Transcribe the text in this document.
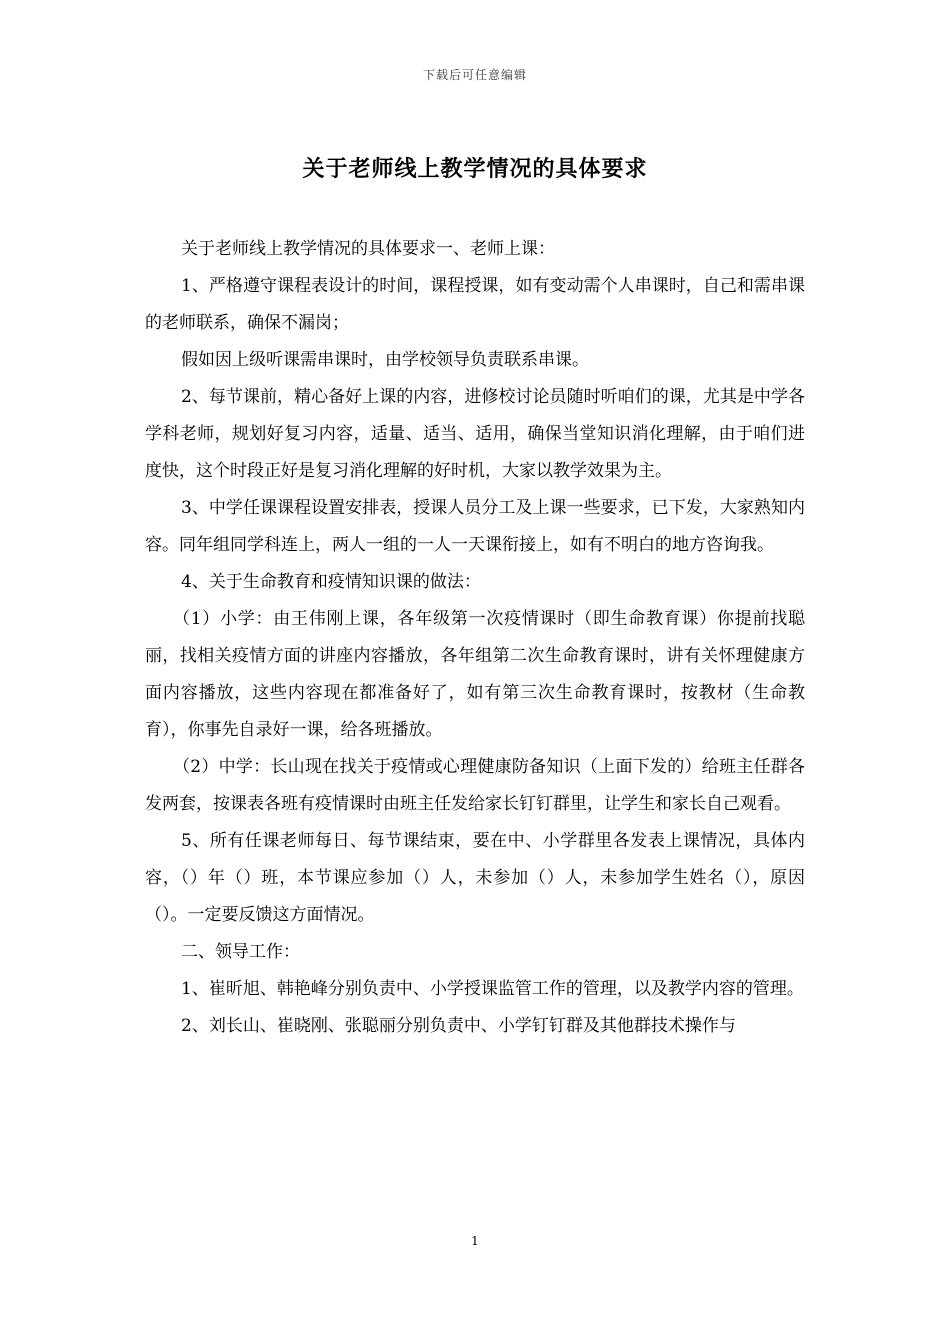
下载后可任意编辑
关于老师线上教学情况的具体要求

关于老师线上教学情况的具体要求一、老师上课：

1、严格遵守课程表设计的时间，课程授课，如有变动需个人串课时，自己和需串课的老师联系，确保不漏岗；

假如因上级听课需串课时，由学校领导负责联系串课。

2、每节课前，精心备好上课的内容，进修校讨论员随时听咱们的课，尤其是中学各学科老师，规划好复习内容，适量、适当、适用，确保当堂知识消化理解，由于咱们进度快，这个时段正好是复习消化理解的好时机，大家以教学效果为主。

3、中学任课课程设置安排表，授课人员分工及上课一些要求，已下发，大家熟知内容。同年组同学科连上，两人一组的一人一天课衔接上，如有不明白的地方咨询我。

4、关于生命教育和疫情知识课的做法：

（1）小学：由王伟刚上课，各年级第一次疫情课时（即生命教育课）你提前找聪丽，找相关疫情方面的讲座内容播放，各年组第二次生命教育课时，讲有关怀理健康方面内容播放，这些内容现在都准备好了，如有第三次生命教育课时，按教材（生命教育），你事先自录好一课，给各班播放。

（2）中学：长山现在找关于疫情或心理健康防备知识（上面下发的）给班主任群各发两套，按课表各班有疫情课时由班主任发给家长钉钉群里，让学生和家长自己观看。

5、所有任课老师每日、每节课结束，要在中、小学群里各发表上课情况，具体内容，（）年（）班，本节课应参加（）人，未参加（）人，未参加学生姓名（），原因（）。一定要反馈这方面情况。

二、领导工作：

1、崔昕旭、韩艳峰分别负责中、小学授课监管工作的管理，以及教学内容的管理。

2、刘长山、崔晓刚、张聪丽分别负责中、小学钉钉群及其他群技术操作与

1
